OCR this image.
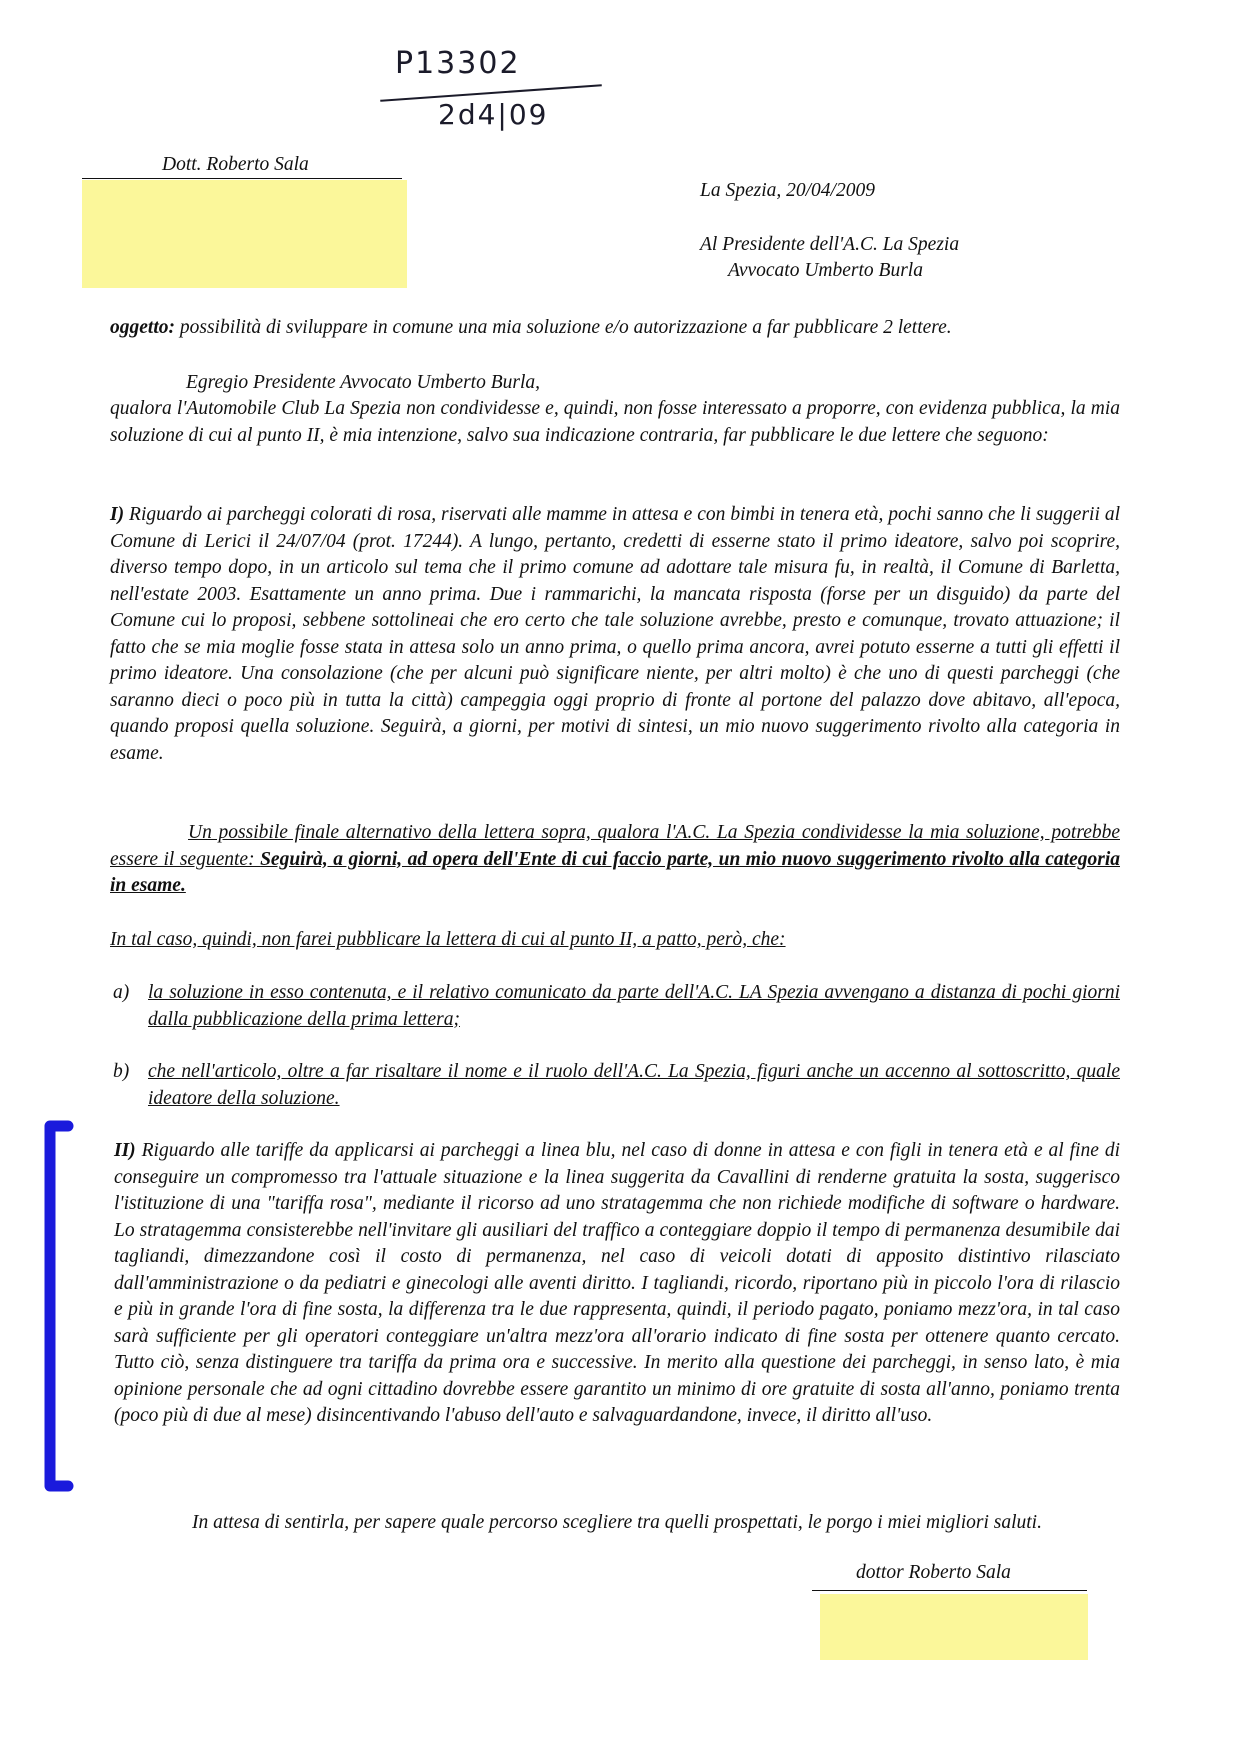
P13302
2d4|09
Dott. Roberto Sala
La Spezia, 20/04/2009
Al Presidente dell'A.C. La Spezia
Avvocato Umberto Burla
oggetto: possibilità di sviluppare in comune una mia soluzione e/o autorizzazione a far pubblicare 2 lettere.
Egregio Presidente Avvocato Umberto Burla,
qualora l'Automobile Club La Spezia non condividesse e, quindi, non fosse interessato a proporre, con evidenza pubblica, la mia soluzione di cui al punto II, è mia intenzione, salvo sua indicazione contraria, far pubblicare le due lettere che seguono:
I) Riguardo ai parcheggi colorati di rosa, riservati alle mamme in attesa e con bimbi in tenera età, pochi sanno che li suggerii al Comune di Lerici il 24/07/04 (prot. 17244). A lungo, pertanto, credetti di esserne stato il primo ideatore, salvo poi scoprire, diverso tempo dopo, in un articolo sul tema che il primo comune ad adottare tale misura fu, in realtà, il Comune di Barletta, nell'estate 2003. Esattamente un anno prima. Due i rammarichi, la mancata risposta (forse per un disguido) da parte del Comune cui lo proposi, sebbene sottolineai che ero certo che tale soluzione avrebbe, presto e comunque, trovato attuazione; il fatto che se mia moglie fosse stata in attesa solo un anno prima, o quello prima ancora, avrei potuto esserne a tutti gli effetti il primo ideatore. Una consolazione (che per alcuni può significare niente, per altri molto) è che uno di questi parcheggi (che saranno dieci o poco più in tutta la città) campeggia oggi proprio di fronte al portone del palazzo dove abitavo, all'epoca, quando proposi quella soluzione. Seguirà, a giorni, per motivi di sintesi, un mio nuovo suggerimento rivolto alla categoria in esame.
Un possibile finale alternativo della lettera sopra, qualora l'A.C. La Spezia condividesse la mia soluzione, potrebbe essere il seguente: Seguirà, a giorni, ad opera dell'Ente di cui faccio parte, un mio nuovo suggerimento rivolto alla categoria in esame.
In tal caso, quindi, non farei pubblicare la lettera di cui al punto II, a patto, però, che:
a) la soluzione in esso contenuta, e il relativo comunicato da parte dell'A.C. LA Spezia avvengano a distanza di pochi giorni dalla pubblicazione della prima lettera;
b) che nell'articolo, oltre a far risaltare il nome e il ruolo dell'A.C. La Spezia, figuri anche un accenno al sottoscritto, quale ideatore della soluzione.
II) Riguardo alle tariffe da applicarsi ai parcheggi a linea blu, nel caso di donne in attesa e con figli in tenera età e al fine di conseguire un compromesso tra l'attuale situazione e la linea suggerita da Cavallini di renderne gratuita la sosta, suggerisco l'istituzione di una "tariffa rosa", mediante il ricorso ad uno stratagemma che non richiede modifiche di software o hardware. Lo stratagemma consisterebbe nell'invitare gli ausiliari del traffico a conteggiare doppio il tempo di permanenza desumibile dai tagliandi, dimezzandone così il costo di permanenza, nel caso di veicoli dotati di apposito distintivo rilasciato dall'amministrazione o da pediatri e ginecologi alle aventi diritto. I tagliandi, ricordo, riportano più in piccolo l'ora di rilascio e più in grande l'ora di fine sosta, la differenza tra le due rappresenta, quindi, il periodo pagato, poniamo mezz'ora, in tal caso sarà sufficiente per gli operatori conteggiare un'altra mezz'ora all'orario indicato di fine sosta per ottenere quanto cercato. Tutto ciò, senza distinguere tra tariffa da prima ora e successive. In merito alla questione dei parcheggi, in senso lato, è mia opinione personale che ad ogni cittadino dovrebbe essere garantito un minimo di ore gratuite di sosta all'anno, poniamo trenta (poco più di due al mese) disincentivando l'abuso dell'auto e salvaguardandone, invece, il diritto all'uso.
In attesa di sentirla, per sapere quale percorso scegliere tra quelli prospettati, le porgo i miei migliori saluti.
dottor Roberto Sala
